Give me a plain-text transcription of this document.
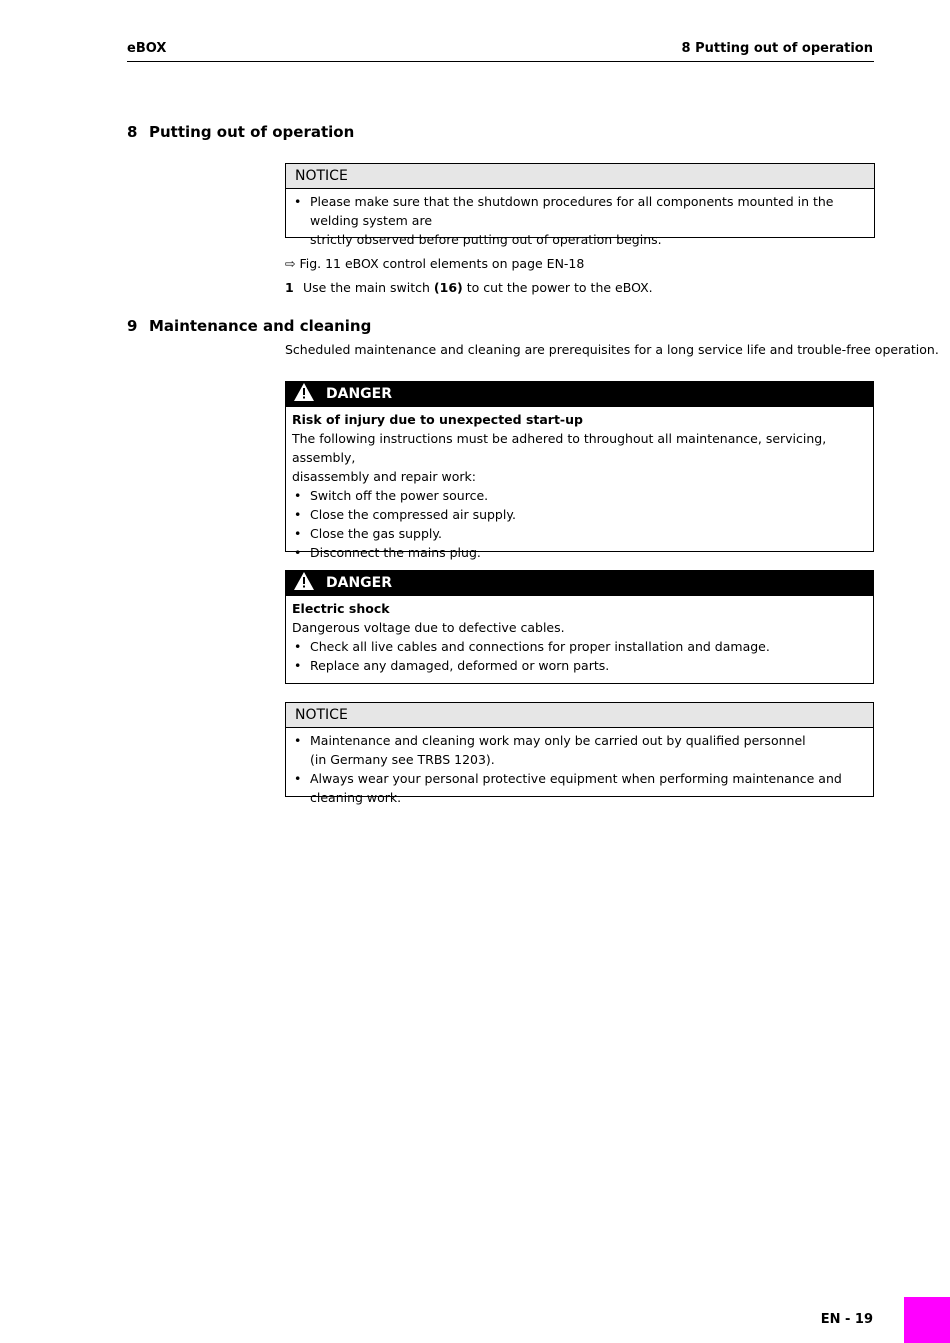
eBOX	8 Putting out of operation
8 Putting out of operation
NOTICE
• Please make sure that the shutdown procedures for all components mounted in the welding system are
strictly observed before putting out of operation begins.
⇨ Fig. 11 eBOX control elements on page EN-18
1 Use the main switch (16) to cut the power to the eBOX.
9 Maintenance and cleaning
Scheduled maintenance and cleaning are prerequisites for a long service life and trouble-free operation.
DANGER
Risk of injury due to unexpected start-up
The following instructions must be adhered to throughout all maintenance, servicing, assembly,
disassembly and repair work:
• Switch off the power source.
• Close the compressed air supply.
• Close the gas supply.
• Disconnect the mains plug.
DANGER
Electric shock
Dangerous voltage due to defective cables.
• Check all live cables and connections for proper installation and damage.
• Replace any damaged, deformed or worn parts.
NOTICE
• Maintenance and cleaning work may only be carried out by qualified personnel
(in Germany see TRBS 1203).
• Always wear your personal protective equipment when performing maintenance and cleaning work.
EN - 19
